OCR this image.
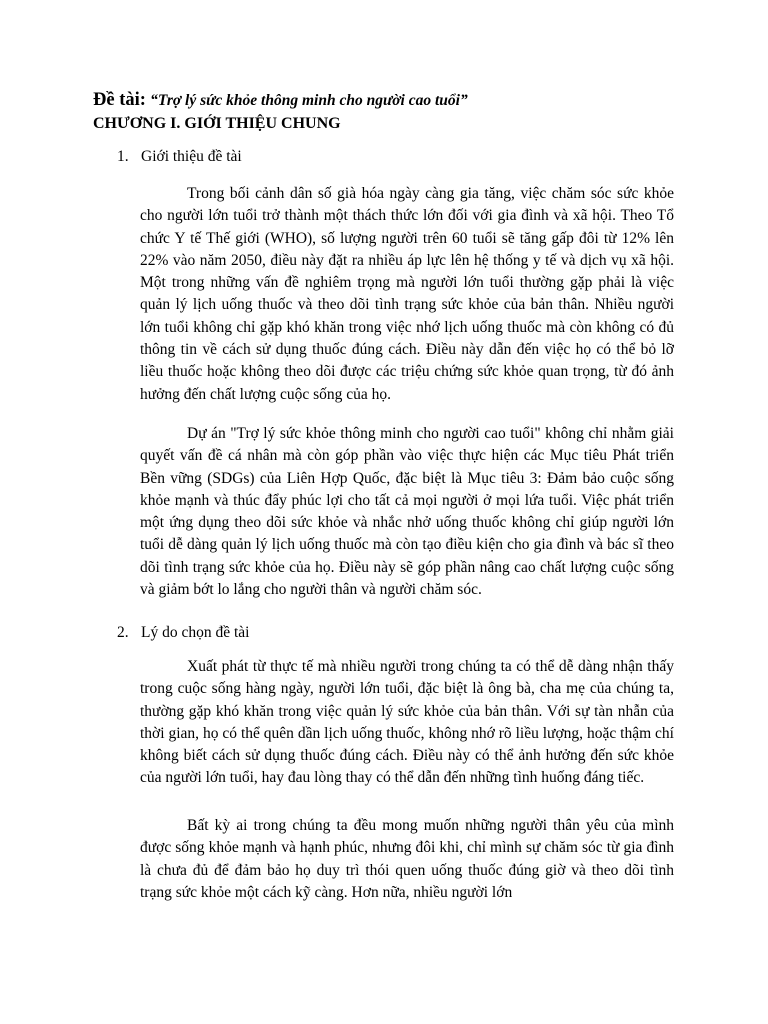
Đề tài: “Trợ lý sức khỏe thông minh cho người cao tuổi”
CHƯƠNG I. GIỚI THIỆU CHUNG
1. Giới thiệu đề tài

Trong bối cảnh dân số già hóa ngày càng gia tăng, việc chăm sóc sức khỏe cho người lớn tuổi trở thành một thách thức lớn đối với gia đình và xã hội. Theo Tổ chức Y tế Thế giới (WHO), số lượng người trên 60 tuổi sẽ tăng gấp đôi từ 12% lên 22% vào năm 2050, điều này đặt ra nhiều áp lực lên hệ thống y tế và dịch vụ xã hội. Một trong những vấn đề nghiêm trọng mà người lớn tuổi thường gặp phải là việc quản lý lịch uống thuốc và theo dõi tình trạng sức khỏe của bản thân. Nhiều người lớn tuổi không chỉ gặp khó khăn trong việc nhớ lịch uống thuốc mà còn không có đủ thông tin về cách sử dụng thuốc đúng cách. Điều này dẫn đến việc họ có thể bỏ lỡ liều thuốc hoặc không theo dõi được các triệu chứng sức khỏe quan trọng, từ đó ảnh hưởng đến chất lượng cuộc sống của họ.

Dự án "Trợ lý sức khỏe thông minh cho người cao tuổi" không chỉ nhằm giải quyết vấn đề cá nhân mà còn góp phần vào việc thực hiện các Mục tiêu Phát triển Bền vững (SDGs) của Liên Hợp Quốc, đặc biệt là Mục tiêu 3: Đảm bảo cuộc sống khỏe mạnh và thúc đẩy phúc lợi cho tất cả mọi người ở mọi lứa tuổi. Việc phát triển một ứng dụng theo dõi sức khỏe và nhắc nhở uống thuốc không chỉ giúp người lớn tuổi dễ dàng quản lý lịch uống thuốc mà còn tạo điều kiện cho gia đình và bác sĩ theo dõi tình trạng sức khỏe của họ. Điều này sẽ góp phần nâng cao chất lượng cuộc sống và giảm bớt lo lắng cho người thân và người chăm sóc.

2. Lý do chọn đề tài

Xuất phát từ thực tế mà nhiều người trong chúng ta có thể dễ dàng nhận thấy trong cuộc sống hàng ngày, người lớn tuổi, đặc biệt là ông bà, cha mẹ của chúng ta, thường gặp khó khăn trong việc quản lý sức khỏe của bản thân. Với sự tàn nhẫn của thời gian, họ có thể quên dần lịch uống thuốc, không nhớ rõ liều lượng, hoặc thậm chí không biết cách sử dụng thuốc đúng cách. Điều này có thể ảnh hưởng đến sức khỏe của người lớn tuổi, hay đau lòng thay có thể dẫn đến những tình huống đáng tiếc.

Bất kỳ ai trong chúng ta đều mong muốn những người thân yêu của mình được sống khỏe mạnh và hạnh phúc, nhưng đôi khi, chỉ mình sự chăm sóc từ gia đình là chưa đủ để đảm bảo họ duy trì thói quen uống thuốc đúng giờ và theo dõi tình trạng sức khỏe một cách kỹ càng. Hơn nữa, nhiều người lớn
